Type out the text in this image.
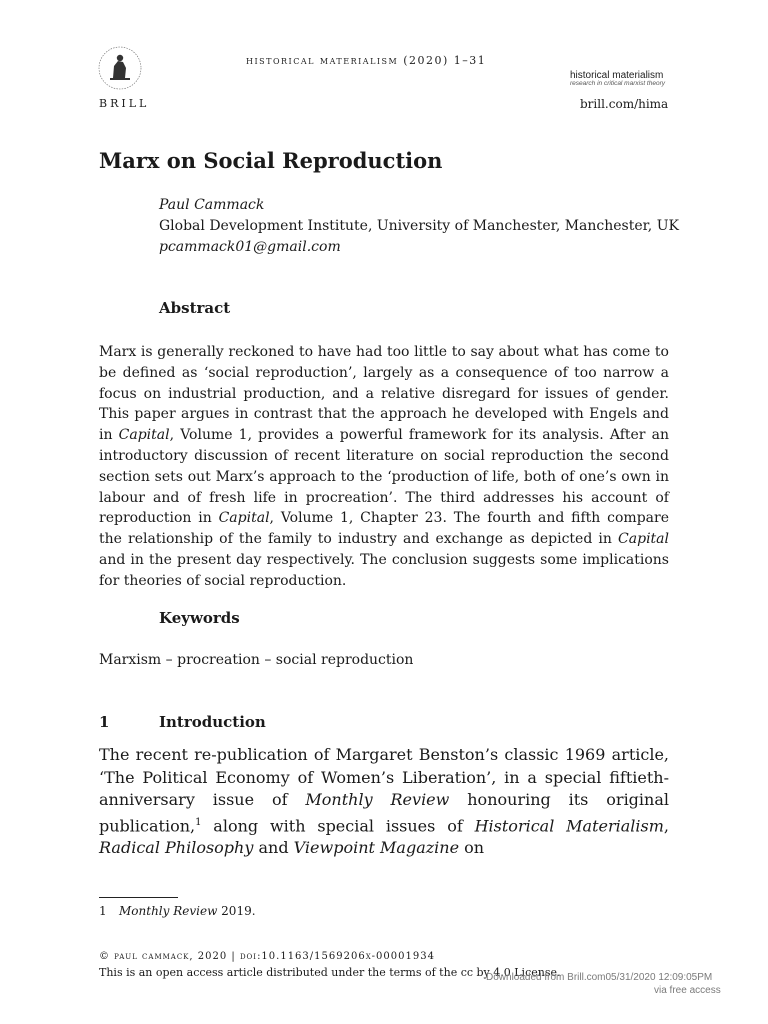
BRILL
historical materialism (2020) 1–31
historical materialism
research in critical marxist theory
brill.com/hima
Marx on Social Reproduction
Paul Cammack
Global Development Institute, University of Manchester, Manchester, UK
pcammack01@gmail.com
Abstract

Marx is generally reckoned to have had too little to say about what has come to be defined as ‘social reproduction’, largely as a consequence of too narrow a focus on industrial production, and a relative disregard for issues of gender. This paper argues in contrast that the approach he developed with Engels and in Capital, Volume 1, provides a powerful framework for its analysis. After an introductory discussion of recent literature on social reproduction the second section sets out Marx’s approach to the ‘production of life, both of one’s own in labour and of fresh life in procreation’. The third addresses his account of reproduction in Capital, Volume 1, Chapter 23. The fourth and fifth compare the relationship of the family to industry and exchange as depicted in Capital and in the present day respectively. The conclusion suggests some implications for theories of social reproduction.

Keywords
Marxism – procreation – social reproduction
1	Introduction

The recent re-publication of Margaret Benston’s classic 1969 article, ‘The Political Economy of Women’s Liberation’, in a special fiftieth-anniversary issue of Monthly Review honouring its original publication,$^1$ along with special issues of Historical Materialism, Radical Philosophy and Viewpoint Magazine on

1 Monthly Review 2019.
© paul cammack, 2020 | doi:10.1163/1569206x-00001934
This is an open access article distributed under the terms of the cc by 4.0 License.
Downloaded from Brill.com05/31/2020 12:09:05PM
via free access
